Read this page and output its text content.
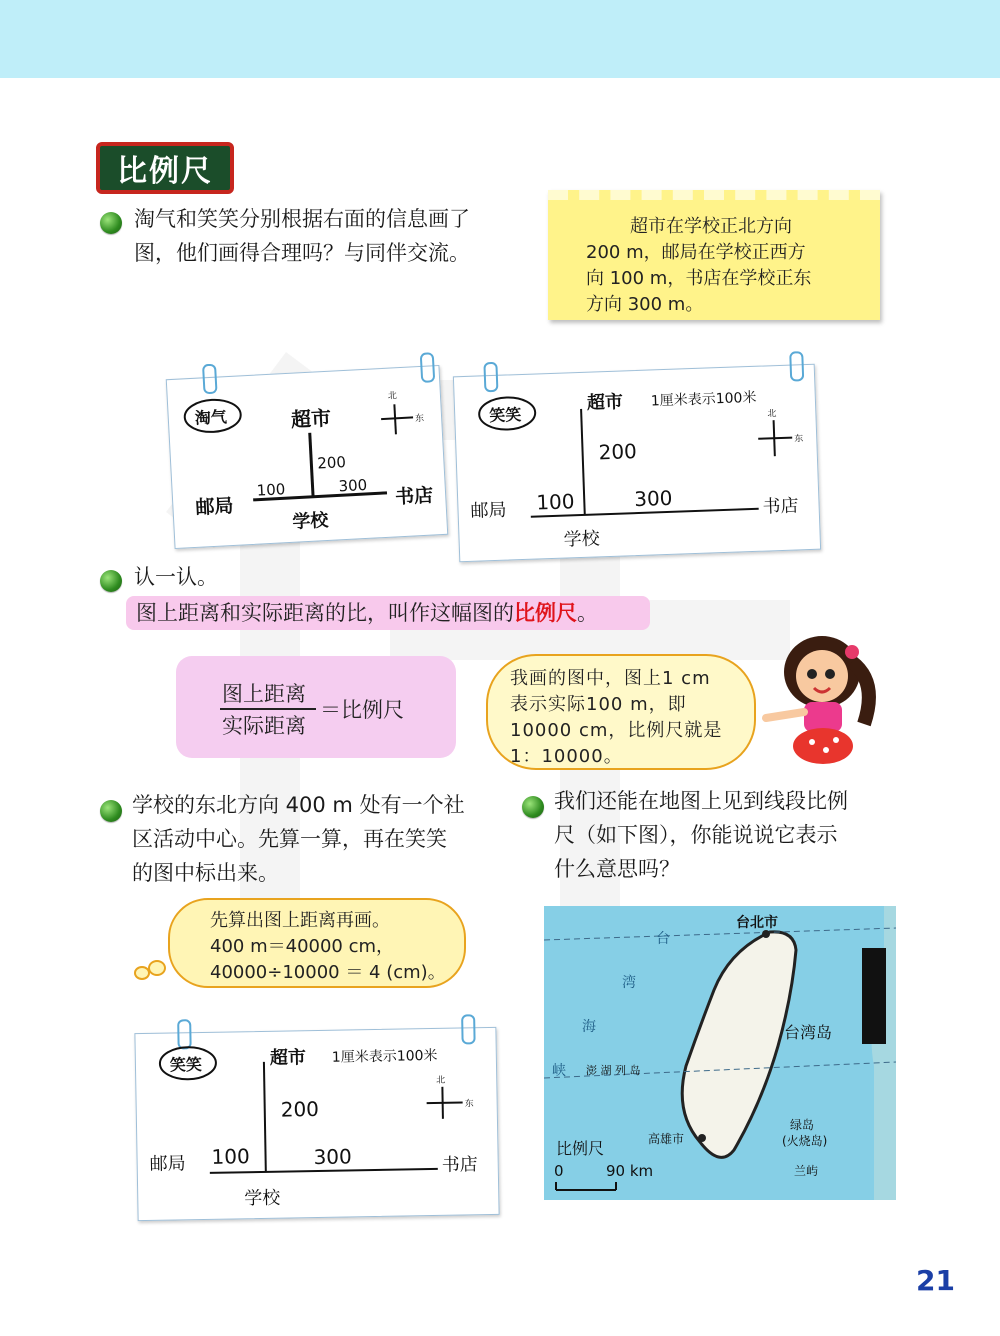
比例尺
淘气和笑笑分别根据右面的信息画了
图，他们画得合理吗？与同伴交流。
超市在学校正北方向
200 m，邮局在学校正西方
向 100 m，书店在学校正东
方向 300 m。
淘气
北
东
超市
200
邮局
100	300 书店
学校
笑笑
超市 1厘米表示100米
北
东
200
邮局 100	300	书店
学校
认一认。
图上距离和实际距离的比，叫作这幅图的比例尺。
图上距离
实际距离
＝比例尺
我画的图中，图上1 cm
表示实际100 m，即
10000 cm，比例尺就是
1：10000。
学校的东北方向 400 m 处有一个社
区活动中心。先算一算，再在笑笑
的图中标出来。
先算出图上距离再画。
400 m＝40000 cm，
40000÷10000 ＝ 4 (cm)。
笑笑	超市 1厘米表示100米
北
东
200
邮局 100	300	书店
学校
我们还能在地图上见到线段比例
尺（如下图），你能说说它表示
什么意思吗？
台北市
台
湾
海
峡 澎 湖 列 岛
台湾岛
高雄市
绿岛
(火烧岛)
兰屿
比例尺
0	90 km
21
